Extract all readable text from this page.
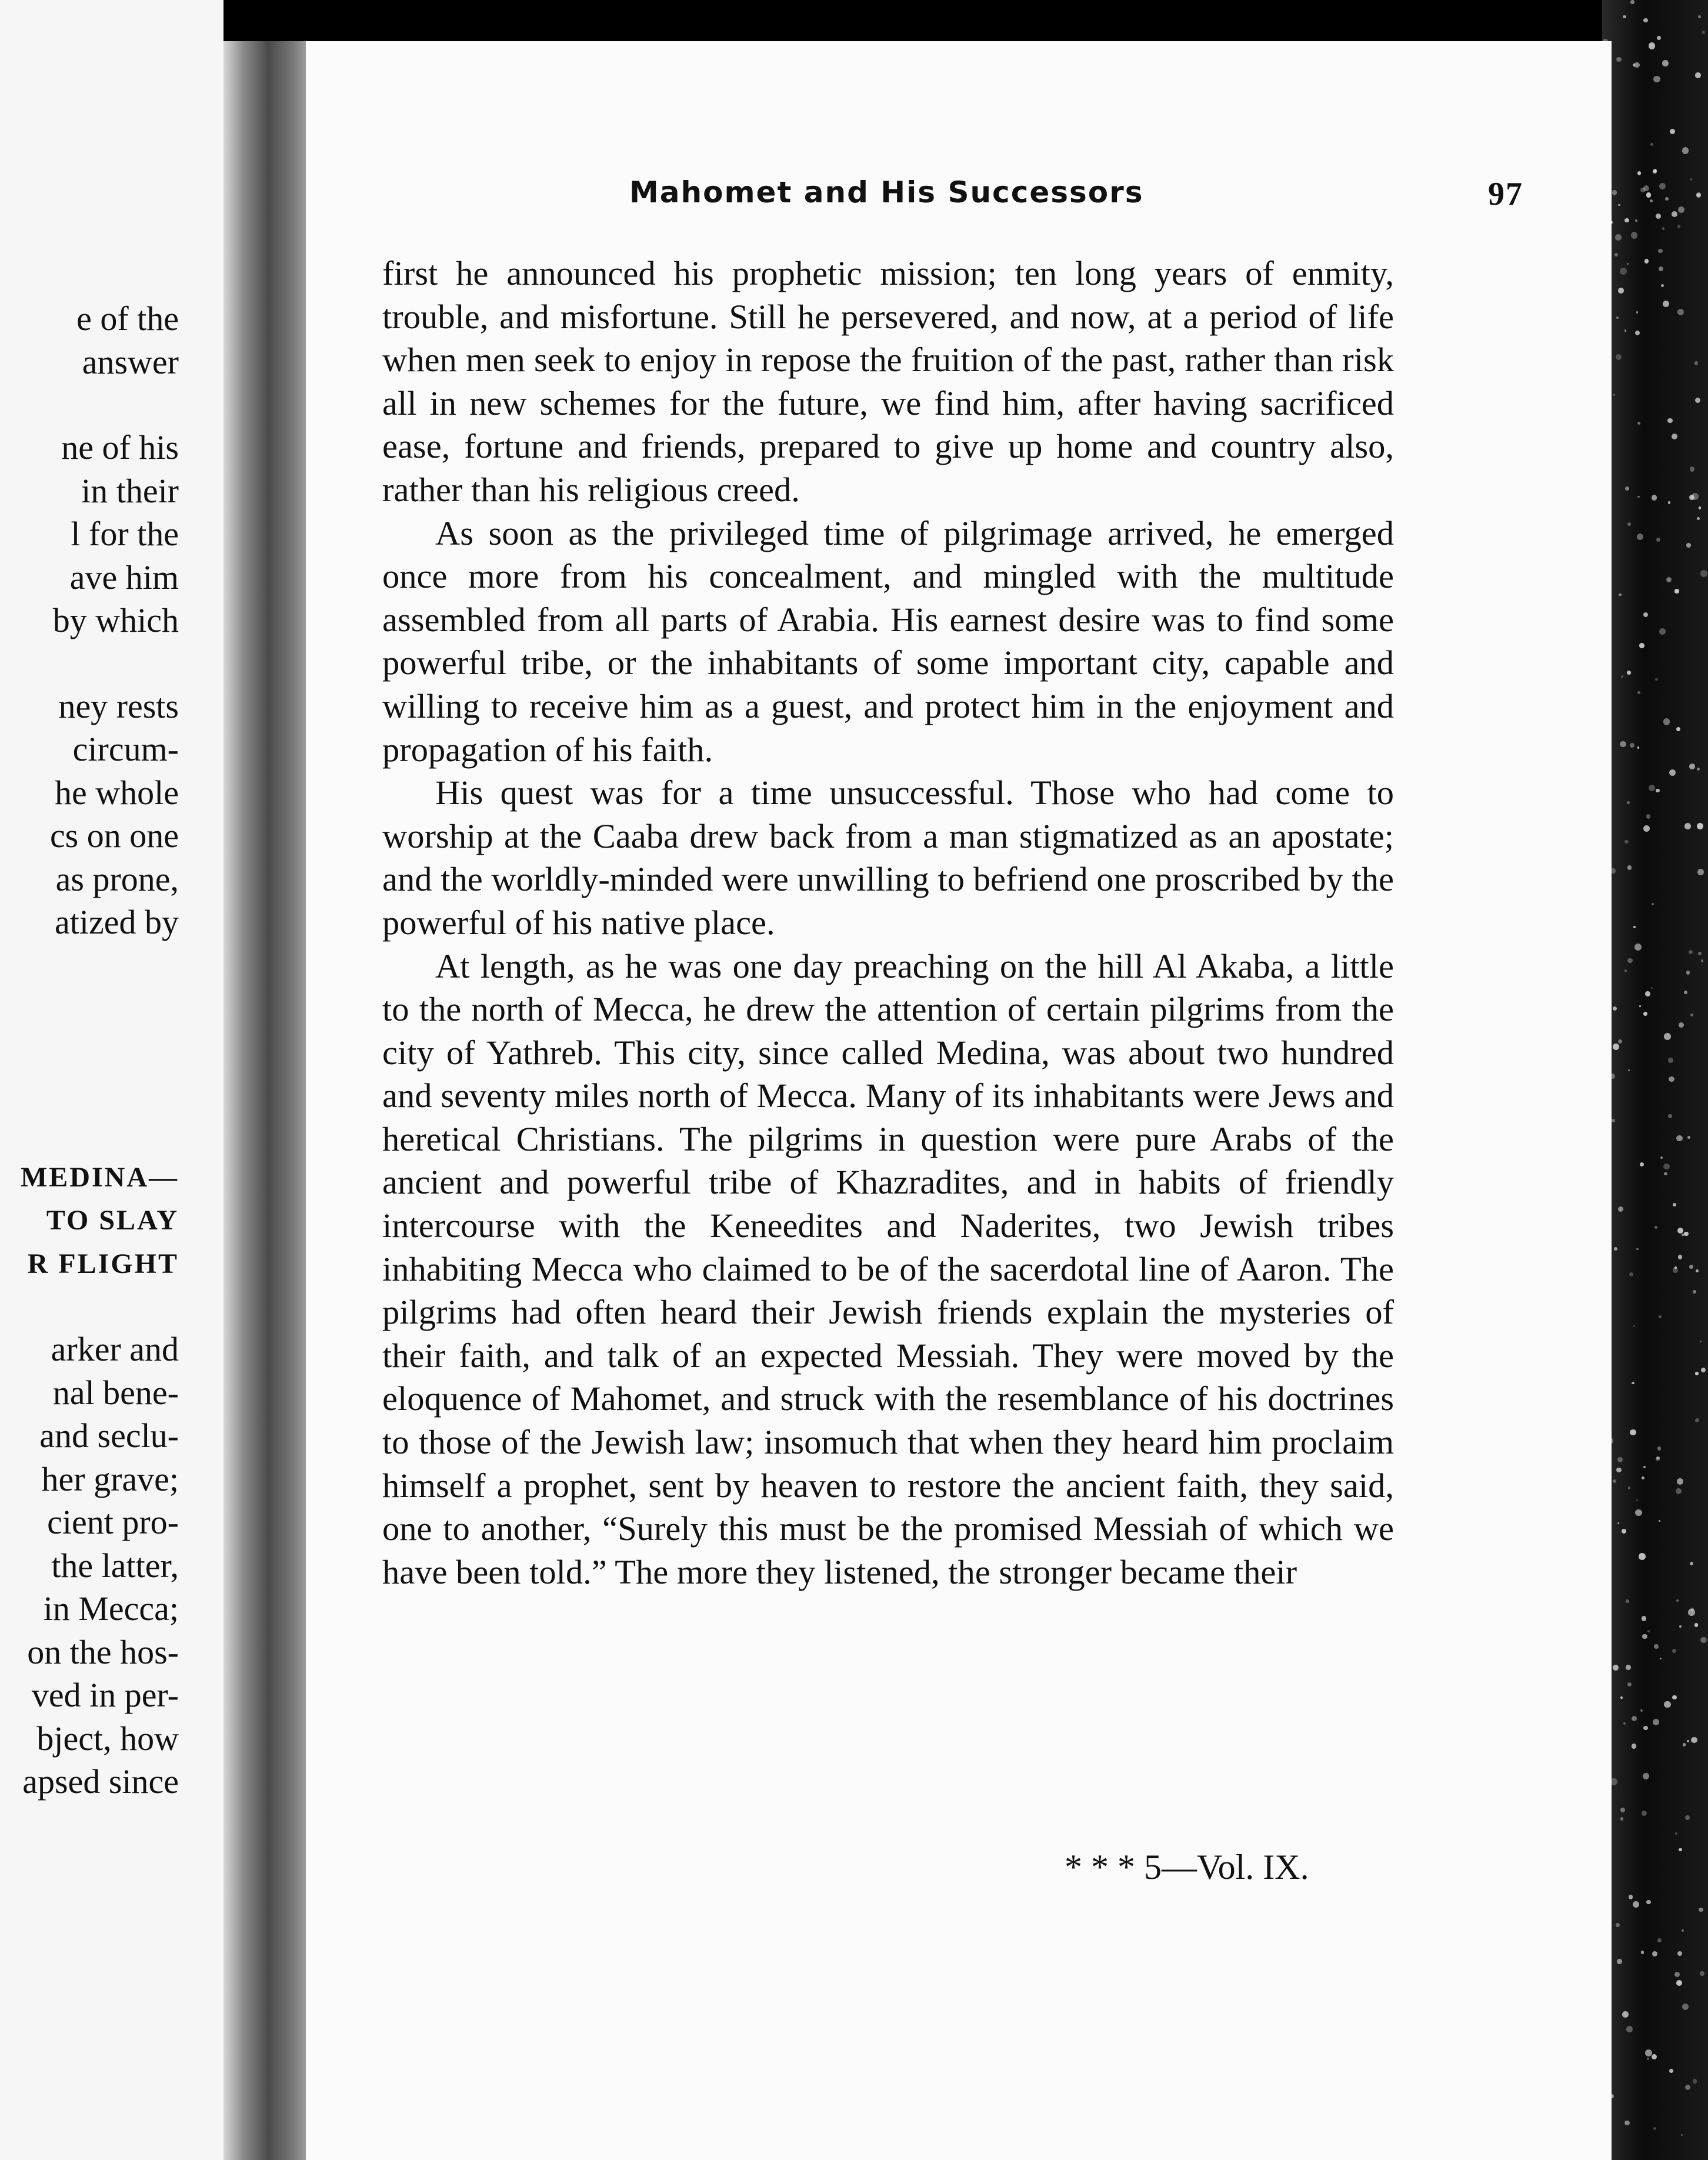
e of the
answer
ne of his
in their
l for the
ave him
by which
ney rests
circum-
he whole
cs on one
as prone,
atized by
MEDINA—
TO SLAY
R FLIGHT
arker and
nal bene-
and seclu-
her grave;
cient pro-
the latter,
in Mecca;
on the hos-
ved in per-
bject, how
apsed since
Mahomet and His Successors	97

first he announced his prophetic mission; ten long years of enmity, trouble, and misfortune. Still he persevered, and now, at a period of life when men seek to enjoy in repose the fruition of the past, rather than risk all in new schemes for the future, we find him, after having sacrificed ease, fortune and friends, prepared to give up home and country also, rather than his religious creed.

As soon as the privileged time of pilgrimage arrived, he emerged once more from his concealment, and mingled with the multitude assembled from all parts of Arabia. His earnest desire was to find some powerful tribe, or the inhabitants of some important city, capable and willing to receive him as a guest, and protect him in the enjoyment and propagation of his faith.

His quest was for a time unsuccessful. Those who had come to worship at the Caaba drew back from a man stigmatized as an apostate; and the worldly-minded were unwilling to befriend one proscribed by the powerful of his native place.

At length, as he was one day preaching on the hill Al Akaba, a little to the north of Mecca, he drew the attention of certain pilgrims from the city of Yathreb. This city, since called Medina, was about two hundred and seventy miles north of Mecca. Many of its inhabitants were Jews and heretical Christians. The pilgrims in question were pure Arabs of the ancient and powerful tribe of Khazradites, and in habits of friendly intercourse with the Keneedites and Naderites, two Jewish tribes inhabiting Mecca who claimed to be of the sacerdotal line of Aaron. The pilgrims had often heard their Jewish friends explain the mysteries of their faith, and talk of an expected Messiah. They were moved by the eloquence of Mahomet, and struck with the resemblance of his doctrines to those of the Jewish law; insomuch that when they heard him proclaim himself a prophet, sent by heaven to restore the ancient faith, they said, one to another, “Surely this must be the promised Messiah of which we have been told.” The more they listened, the stronger became their

* * * 5—Vol. IX.
